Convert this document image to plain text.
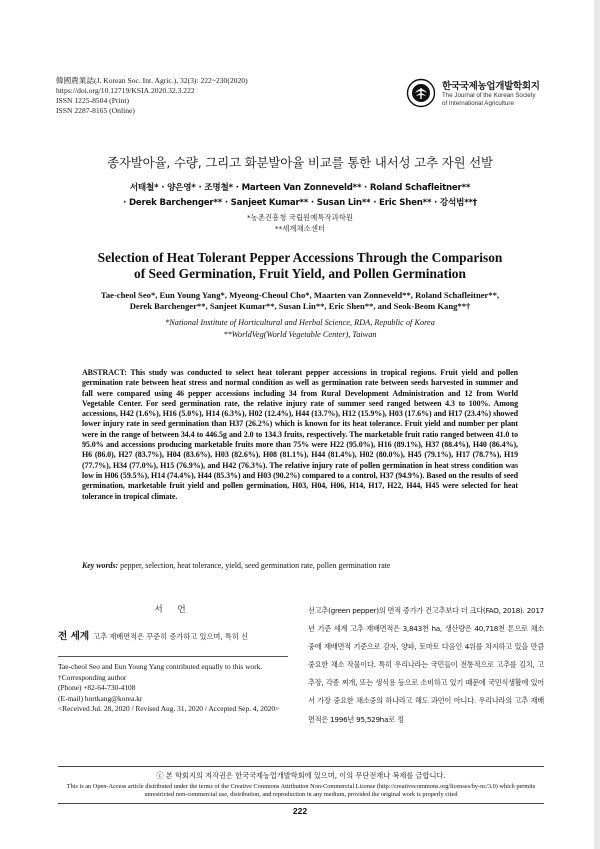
韓國農業誌(J. Korean Soc. Int. Agric.), 32(3): 222~230(2020)
https://doi.org/10.12719/KSIA.2020.32.3.222
ISSN 1225-8504 (Print)
ISSN 2287-8165 (Online)
한국국제농업개발학회지
The Journal of the Korean Society
of International Agriculture
종자발아율, 수량, 그리고 화분발아율 비교를 통한 내서성 고추 자원 선발
서태철* · 양은영* · 조명철* · Marteen Van Zonneveld** · Roland Schafleitner**
· Derek Barchenger** · Sanjeet Kumar** · Susan Lin** · Eric Shen** · 강석범**†
*농촌진흥청 국립원예특작과학원
**세계채소센터
Selection of Heat Tolerant Pepper Accessions Through the Comparison
of Seed Germination, Fruit Yield, and Pollen Germination
Tae-cheol Seo*, Eun Young Yang*, Myeong-Cheoul Cho*, Maarten van Zonneveld**, Roland Schafleitner**,
Derek Barchenger**, Sanjeet Kumar**, Susan Lin**, Eric Shen**, and Seok-Beom Kang**†
*National Institute of Horticultural and Herbal Science, RDA, Republic of Korea
**WorldVeg(World Vegetable Center), Taiwan
ABSTRACT: This study was conducted to select heat tolerant pepper accessions in tropical regions. Fruit yield and pollen germination rate between heat stress and normal condition as well as germination rate between seeds harvested in summer and fall were compared using 46 pepper accessions including 34 from Rural Development Administration and 12 from World Vegetable Center. For seed germination rate, the relative injury rate of summer seed ranged between 4.3 to 100%. Among accessions, H42 (1.6%), H16 (5.0%), H14 (6.3%), H02 (12.4%), H44 (13.7%), H12 (15.9%), H03 (17.6%) and H17 (23.4%) showed lower injury rate in seed germination than H37 (26.2%) which is known for its heat tolerance. Fruit yield and number per plant were in the range of between 34.4 to 446.5g and 2.0 to 134.3 fruits, respectively. The marketable fruit ratio ranged between 41.0 to 95.0% and accessions producing marketable fruits more than 75% were H22 (95.0%), H16 (89.1%), H37 (88.4%), H40 (86.4%), H6 (86.0), H27 (83.7%), H04 (83.6%), H03 (82.6%), H08 (81.1%), H44 (81.4%), H02 (80.0%), H45 (79.1%), H17 (78.7%), H19 (77.7%), H34 (77.0%), H15 (76.9%), and H42 (76.3%). The relative injury rate of pollen germination in heat stress condition was low in H06 (59.5%), H14 (74.4%), H44 (85.3%) and H03 (90.2%) compared to a control, H37 (94.9%). Based on the results of seed germination, marketable fruit yield and pollen germination, H03, H04, H06, H14, H17, H22, H44, H45 were selected for heat tolerance in tropical climate.
Key words: pepper, selection, heat tolerance, yield, seed germination rate, pollen germination rate
서 언
전 세계 고추 재배면적은 꾸준히 증가하고 있으며, 특히 신
선고추(green pepper)의 면적 증가가 건고추보다 더 크다(FAO, 2018). 2017년 기준 세계 고추 재배면적은 3,843천 ha, 생산량은 40,718천 톤으로 채소 중에 재배면적 기준으로 감자, 양파, 토마토 다음인 4위를 차지하고 있을 만큼 중요한 채소 작물이다. 특히 우리나라는 국민들이 전통적으로 고추를 김치, 고추장, 각종 찌개, 또는 생식용 등으로 소비하고 있기 때문에 국민식생활에 있어서 가장 중요한 채소중의 하나라고 해도 과언이 아니다. 우리나라의 고추 재배면적은 1996년 95,529ha로 정
Tae-cheol Seo and Eun Young Yang contributed equally to this work.
†Corresponding author
(Phone) +82-64-730-4108
(E-mail) hortkang@korea.kr
<Received Jul. 28, 2020 / Revised Aug. 31, 2020 / Accepted Sep. 4, 2020>
ⓒ 본 학회지의 저작권은 한국국제농업개발학회에 있으며, 이의 무단전재나 복제를 금합니다.
This is an Open-Access article distributed under the terms of the Creative Commons Attribution Non-Commercial License (http://creativecommons.org/licenses/by-nc/3.0) which permits unrestricted non-commercial use, distribution, and reproduction in any medium, provided the original work is properly cited
222
